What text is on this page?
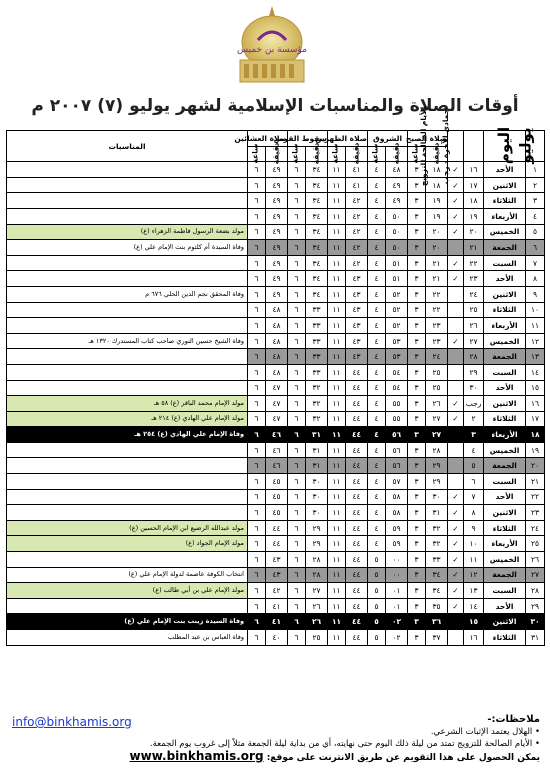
مؤسسة بن خميس
أوقات الصلاة والمناسبات الإسلامية لشهر يوليو (٧) ٢٠٠٧ م
يوليو	اليوم	جمادى الآخرة - رجب	الأيام الصالحة للتزويج	صلاة الصبح		الشروق		صلاة الظهرين		سقوط القرص		صلاة العشائين		المناسبات
				دقيقة	ساعة	دقيقة	ساعة	دقيقة	ساعة	دقيقة	ساعة	دقيقة	ساعة	
١	الأحد	١٦	✓	١٨	٣	٤٨	٤	٤١	١١	٣٤	٦	٤٩	٦	
٢	الاثنين	١٧	✓	١٨	٣	٤٩	٤	٤١	١١	٣٤	٦	٤٩	٦	
٣	الثلاثاء	١٨	✓	١٩	٣	٤٩	٤	٤٢	١١	٣٤	٦	٤٩	٦	
٤	الأربعاء	١٩	✓	١٩	٣	٥٠	٤	٤٢	١١	٣٤	٦	٤٩	٦	
٥	الخميس	٢٠	✓	٢٠	٣	٥٠	٤	٤٢	١١	٣٤	٦	٤٩	٦	مولد بضعة الرسول فاطمة الزهراء (ع)
٦	الجمعة	٢١		٢٠	٣	٥٠	٤	٤٢	١١	٣٤	٦	٤٩	٦	وفاة السيدة أم كلثوم بنت الإمام علي (ع)
٧	السبت	٢٢	✓	٢١	٣	٥١	٤	٤٢	١١	٣٤	٦	٤٩	٦	
٨	الأحد	٢٣	✓	٢١	٣	٥١	٤	٤٣	١١	٣٤	٦	٤٩	٦	
٩	الاثنين	٢٤		٢٢	٣	٥٢	٤	٤٣	١١	٣٤	٦	٤٩	٦	وفاة المحقق نجم الدين الحلي ٦٧٦ م
١٠	الثلاثاء	٢٥		٢٢	٣	٥٢	٤	٤٣	١١	٣٣	٦	٤٨	٦	
١١	الأربعاء	٢٦		٢٣	٣	٥٢	٤	٤٣	١١	٣٣	٦	٤٨	٦	
١٢	الخميس	٢٧	✓	٢٣	٣	٥٣	٤	٤٣	١١	٣٣	٦	٤٨	٦	وفاة الشيخ حسين النوري صاحب كتاب المستدرك ١٣٢٠ هـ
١٣	الجمعة	٢٨		٢٤	٣	٥٣	٤	٤٣	١١	٣٣	٦	٤٨	٦	
١٤	السبت	٢٩		٢٥	٣	٥٤	٤	٤٤	١١	٣٣	٦	٤٨	٦	
١٥	الأحد	٣٠		٢٥	٣	٥٤	٤	٤٤	١١	٣٢	٦	٤٧	٦	
١٦	الاثنين	رجب	✓	٢٦	٣	٥٥	٤	٤٤	١١	٣٢	٦	٤٧	٦	مولد الإمام محمد الباقر (ع) ٥٨ هـ
١٧	الثلاثاء	٢	✓	٢٧	٣	٥٥	٤	٤٤	١١	٣٢	٦	٤٧	٦	مولد الإمام علي الهادي (ع) ٢١٤ هـ
١٨	الأربعاء	٣		٢٧	٣	٥٦	٤	٤٤	١١	٣١	٦	٤٦	٦	وفاة الإمام علي الهادي (ع) ٢٥٤ هـ
١٩	الخميس	٤		٢٨	٣	٥٦	٤	٤٤	١١	٣١	٦	٤٦	٦	
٢٠	الجمعة	٥		٢٩	٣	٥٦	٤	٤٤	١١	٣١	٦	٤٦	٦	
٢١	السبت	٦		٢٩	٣	٥٧	٤	٤٤	١١	٣٠	٦	٤٥	٦	
٢٢	الأحد	٧	✓	٣٠	٣	٥٨	٤	٤٤	١١	٣٠	٦	٤٥	٦	
٢٣	الاثنين	٨	✓	٣١	٣	٥٨	٤	٤٤	١١	٣٠	٦	٤٥	٦	
٢٤	الثلاثاء	٩	✓	٣٢	٣	٥٩	٤	٤٤	١١	٢٩	٦	٤٤	٦	مولد عبدالله الرضيع ابن الإمام الحسين (ع)
٢٥	الأربعاء	١٠	✓	٣٢	٣	٥٩	٤	٤٤	١١	٢٩	٦	٤٤	٦	مولد الإمام الجواد (ع)
٢٦	الخميس	١١	✓	٣٣	٣	٠٠	٥	٤٤	١١	٢٨	٦	٤٣	٦	
٢٧	الجمعة	١٢	✓	٣٤	٣	٠٠	٥	٤٤	١١	٢٨	٦	٤٣	٦	انتخاب الكوفة عاصمة لدولة الإمام علي (ع)
٢٨	السبت	١٣	✓	٣٤	٣	٠١	٥	٤٤	١١	٢٧	٦	٤٢	٦	مولد الإمام علي بن أبي طالب (ع)
٢٩	الأحد	١٤	✓	٣٥	٣	٠١	٥	٤٤	١١	٢٦	٦	٤١	٦	
٣٠	الاثنين	١٥		٣٦	٣	٠٢	٥	٤٤	١١	٢٦	٦	٤١	٦	وفاة السيدة زينب بنت الإمام علي (ع)
٣١	الثلاثاء	١٦		٣٧	٣	٠٢	٥	٤٤	١١	٢٥	٦	٤٠	٦	وفاة العباس بن عبد المطلب
ملاحظات:-
• الهلال يعتمد الإثبات الشرعي.
• الأيام الصالحة للتزويج تمتد من ليلة ذلك اليوم حتى نهايته، أي من بداية ليلة الجمعة مثلاً إلى غروب يوم الجمعة.
يمكن الحصول على هذا التقويم عن طريق الانترنت على موقع: www.binkhamis.org
info@binkhamis.org
